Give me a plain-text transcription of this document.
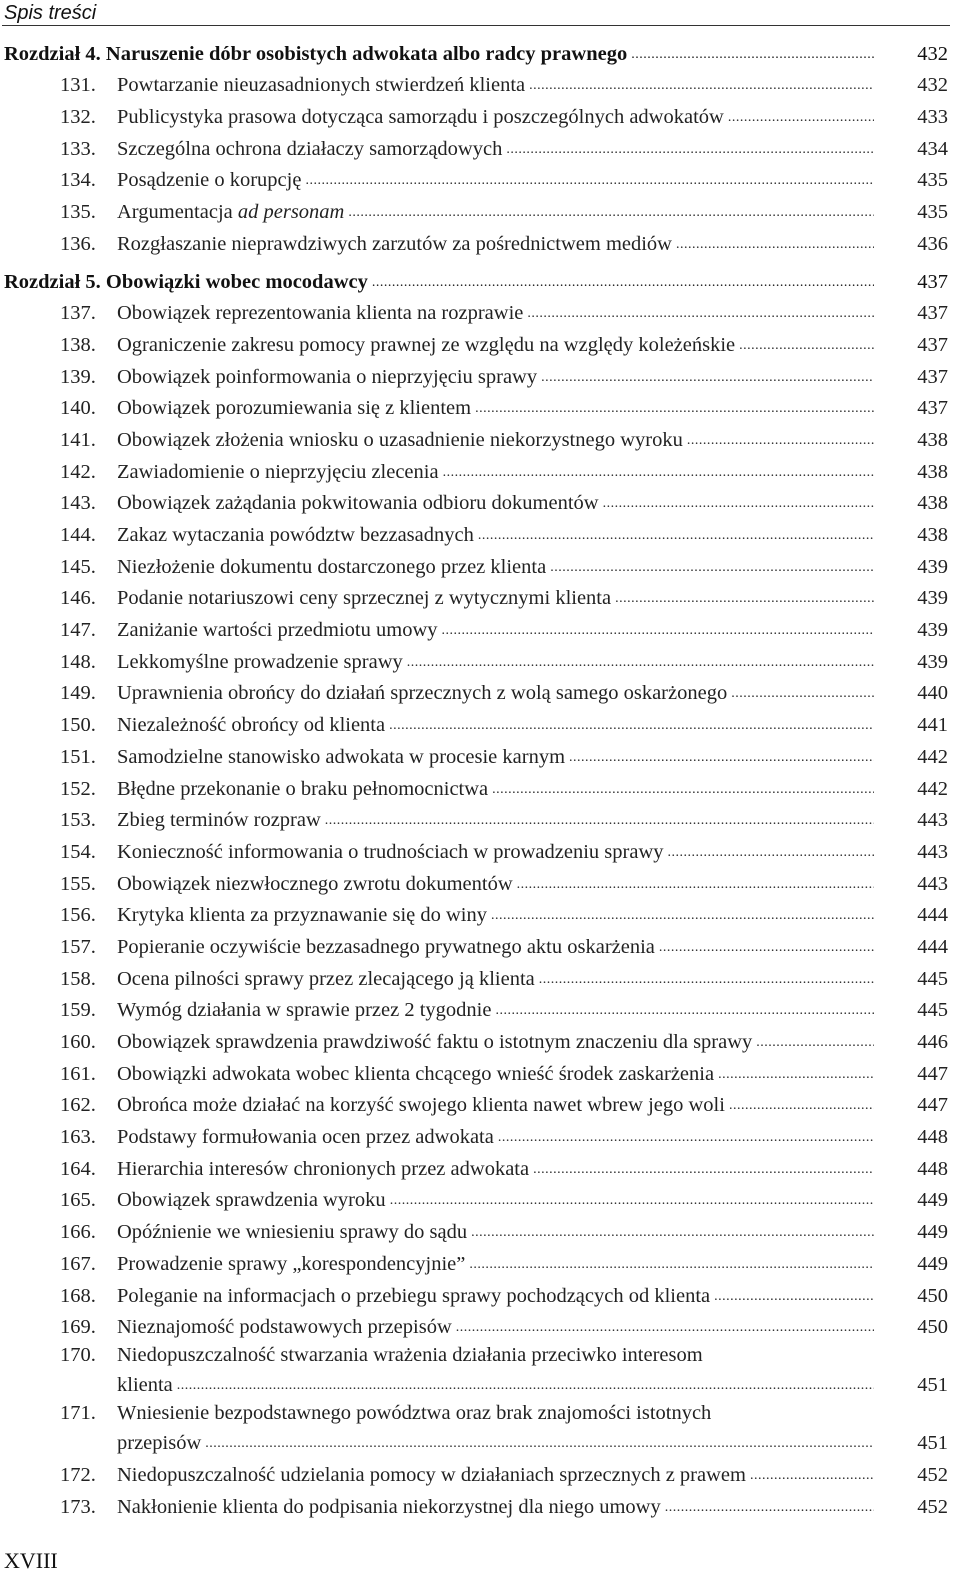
Spis treści
Rozdział 4. Naruszenie dóbr osobistych adwokata albo radcy prawnego .....	432
131.	Powtarzanie nieuzasadnionych stwierdzeń klienta .....	432
132.	Publicystyka prasowa dotycząca samorządu i poszczególnych adwokatów .....	433
133.	Szczególna ochrona działaczy samorządowych .....	434
134.	Posądzenie o korupcję .....	435
135.	Argumentacja ad personam .....	435
136.	Rozgłaszanie nieprawdziwych zarzutów za pośrednictwem mediów .....	436
Rozdział 5. Obowiązki wobec mocodawcy .....	437
137.	Obowiązek reprezentowania klienta na rozprawie .....	437
138.	Ograniczenie zakresu pomocy prawnej ze względu na względy koleżeńskie .....	437
139.	Obowiązek poinformowania o nieprzyjęciu sprawy .....	437
140.	Obowiązek porozumiewania się z klientem .....	437
141.	Obowiązek złożenia wniosku o uzasadnienie niekorzystnego wyroku .....	438
142.	Zawiadomienie o nieprzyjęciu zlecenia .....	438
143.	Obowiązek zażądania pokwitowania odbioru dokumentów .....	438
144.	Zakaz wytaczania powództw bezzasadnych .....	438
145.	Niezłożenie dokumentu dostarczonego przez klienta .....	439
146.	Podanie notariuszowi ceny sprzecznej z wytycznymi klienta .....	439
147.	Zaniżanie wartości przedmiotu umowy .....	439
148.	Lekkomyślne prowadzenie sprawy .....	439
149.	Uprawnienia obrońcy do działań sprzecznych z wolą samego oskarżonego .....	440
150.	Niezależność obrońcy od klienta .....	441
151.	Samodzielne stanowisko adwokata w procesie karnym .....	442
152.	Błędne przekonanie o braku pełnomocnictwa .....	442
153.	Zbieg terminów rozpraw .....	443
154.	Konieczność informowania o trudnościach w prowadzeniu sprawy .....	443
155.	Obowiązek niezwłocznego zwrotu dokumentów .....	443
156.	Krytyka klienta za przyznawanie się do winy .....	444
157.	Popieranie oczywiście bezzasadnego prywatnego aktu oskarżenia .....	444
158.	Ocena pilności sprawy przez zlecającego ją klienta .....	445
159.	Wymóg działania w sprawie przez 2 tygodnie .....	445
160.	Obowiązek sprawdzenia prawdziwość faktu o istotnym znaczeniu dla sprawy .....	446
161.	Obowiązki adwokata wobec klienta chcącego wnieść środek zaskarżenia .....	447
162.	Obrońca może działać na korzyść swojego klienta nawet wbrew jego woli .....	447
163.	Podstawy formułowania ocen przez adwokata .....	448
164.	Hierarchia interesów chronionych przez adwokata .....	448
165.	Obowiązek sprawdzenia wyroku .....	449
166.	Opóźnienie we wniesieniu sprawy do sądu .....	449
167.	Prowadzenie sprawy „korespondencyjnie” .....	449
168.	Poleganie na informacjach o przebiegu sprawy pochodzących od klienta .....	450
169.	Nieznajomość podstawowych przepisów .....	450
170.	Niedopuszczalność stwarzania wrażenia działania przeciwko interesom
klienta .....	451
171.	Wniesienie bezpodstawnego powództwa oraz brak znajomości istotnych
przepisów .....	451
172.	Niedopuszczalność udzielania pomocy w działaniach sprzecznych z prawem .....	452
173.	Nakłonienie klienta do podpisania niekorzystnej dla niego umowy .....	452
XVIII
